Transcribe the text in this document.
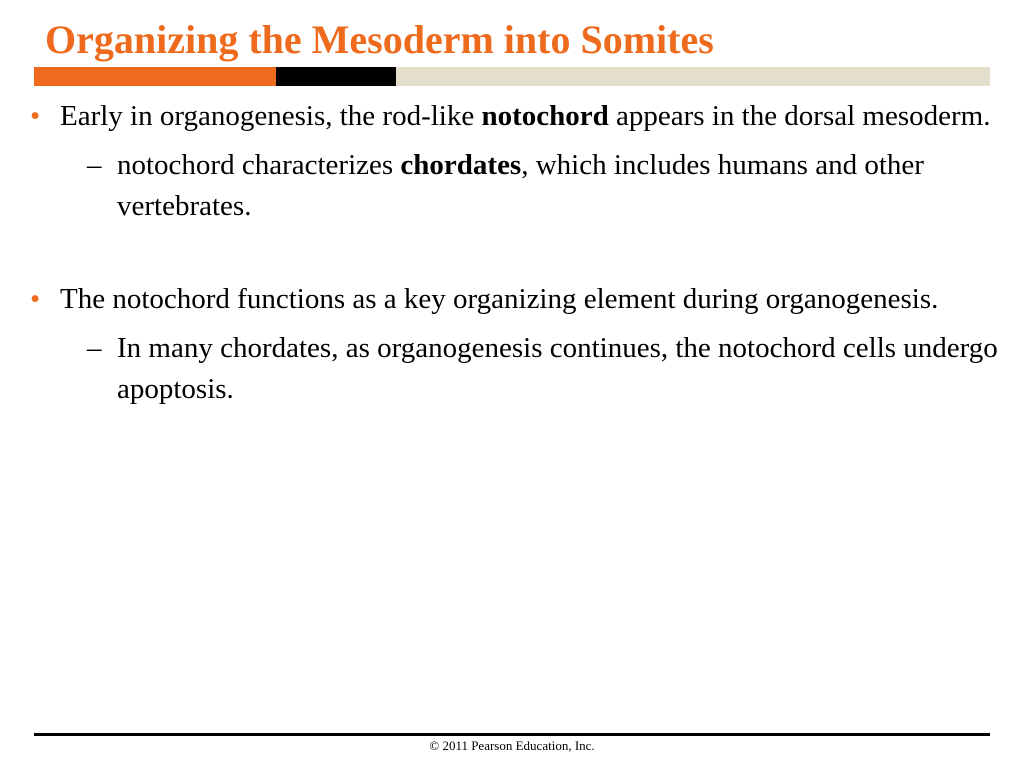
Organizing the Mesoderm into Somites
• Early in organogenesis, the rod-like notochord appears in the dorsal mesoderm.
– notochord characterizes chordates, which includes humans and other vertebrates.
• The notochord functions as a key organizing element during organogenesis.
– In many chordates, as organogenesis continues, the notochord cells undergo apoptosis.
© 2011 Pearson Education, Inc.
